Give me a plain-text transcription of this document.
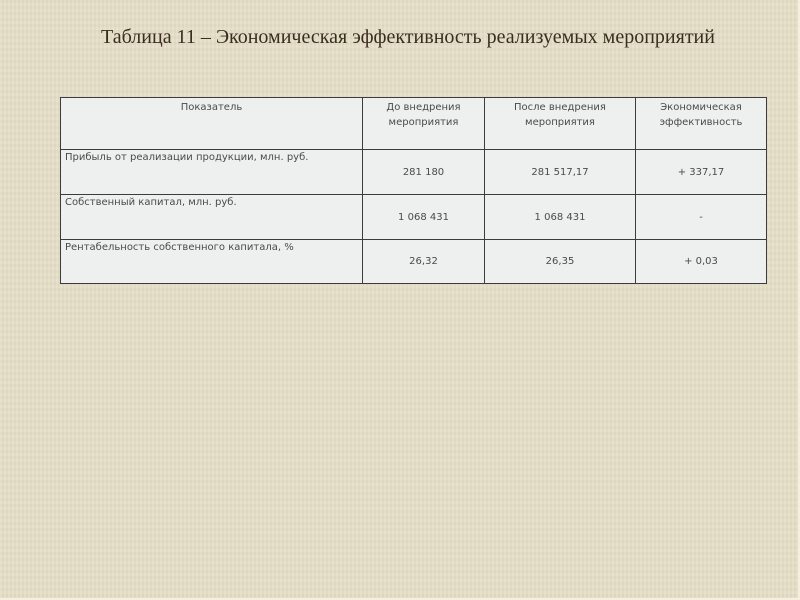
Таблица 11 – Экономическая эффективность реализуемых мероприятий
Показатель	До внедрения мероприятия	После внедрения мероприятия	Экономическая эффективность
Прибыль от реализации продукции, млн. руб.	281 180	281 517,17	+ 337,17
Собственный капитал, млн. руб.	1 068 431	1 068 431	-
Рентабельность собственного капитала, %	26,32	26,35	+ 0,03
